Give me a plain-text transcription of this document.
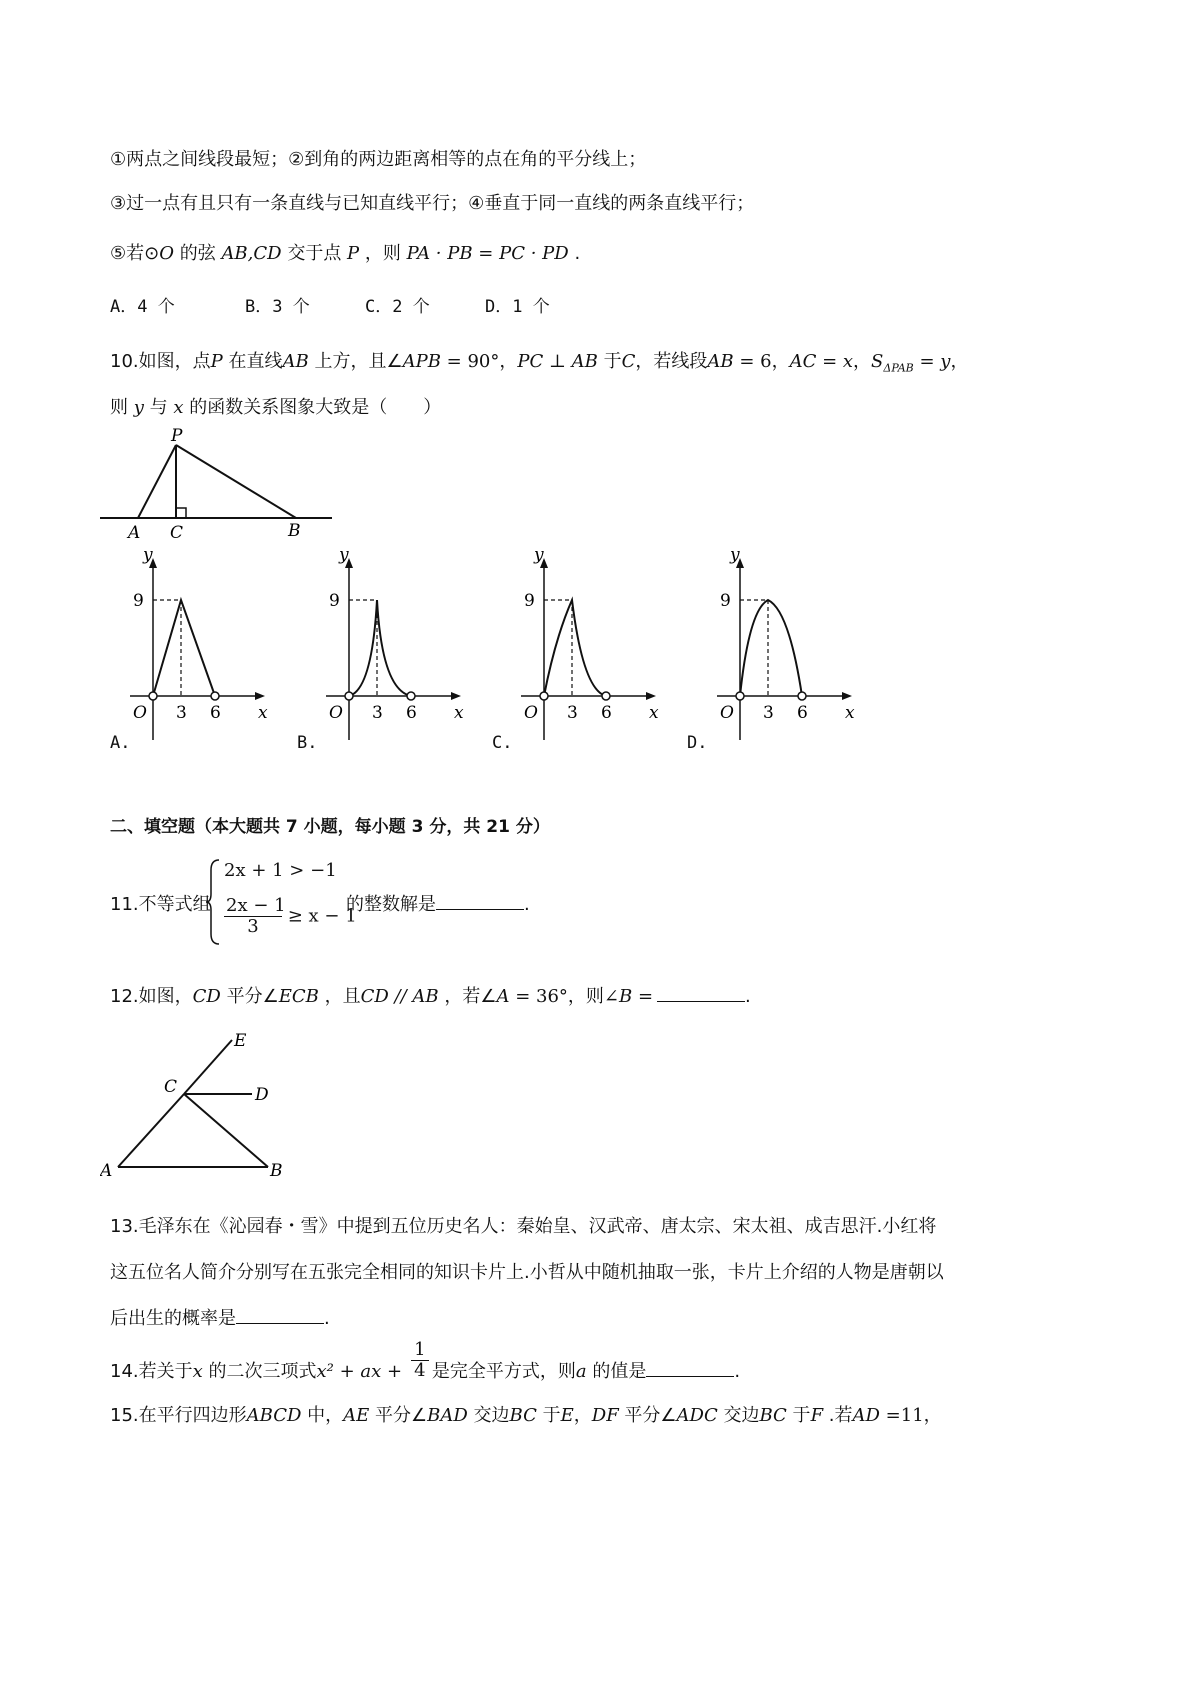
①两点之间线段最短；②到角的两边距离相等的点在角的平分线上；
③过一点有且只有一条直线与已知直线平行；④垂直于同一直线的两条直线平行；
⑤若⊙O 的弦 AB,CD 交于点 P ，则 PA · PB = PC · PD .
A．4 个	B．3 个	C．2 个	D．1 个
10.如图，点P 在直线AB 上方，且∠APB = 90°，PC ⊥ AB 于C，若线段AB = 6，AC = x，$S_{\Delta PAB} = y$，
则 y 与 x 的函数关系图象大致是（　　）
P
A C	B
y
x
O
9
3 6
y
x
O
9
3 6
y
x
O
9
3 6
y
x
O
9
3 6
A.	B.	C.	D.
二、填空题（本大题共 7 小题，每小题 3 分，共 21 分）
11.不等式组
2x + 1 > −1
$\frac{2x - 1}{3} \ge x - 1$
的整数解是	.
12.如图，CD 平分∠ECB ，且CD // AB ，若∠A = 36°，则∠B =	.
E
C	D
A	B
13.毛泽东在《沁园春・雪》中提到五位历史名人：秦始皇、汉武帝、唐太宗、宋太祖、成吉思汗.小红将
这五位名人简介分别写在五张完全相同的知识卡片上.小哲从中随机抽取一张，卡片上介绍的人物是唐朝以
后出生的概率是	.
14.若关于x 的二次三项式x² + ax + $\frac{1}{4}$ 是完全平方式，则a 的值是	.
15.在平行四边形ABCD 中，AE 平分∠BAD 交边BC 于E，DF 平分∠ADC 交边BC 于F .若AD =11，
